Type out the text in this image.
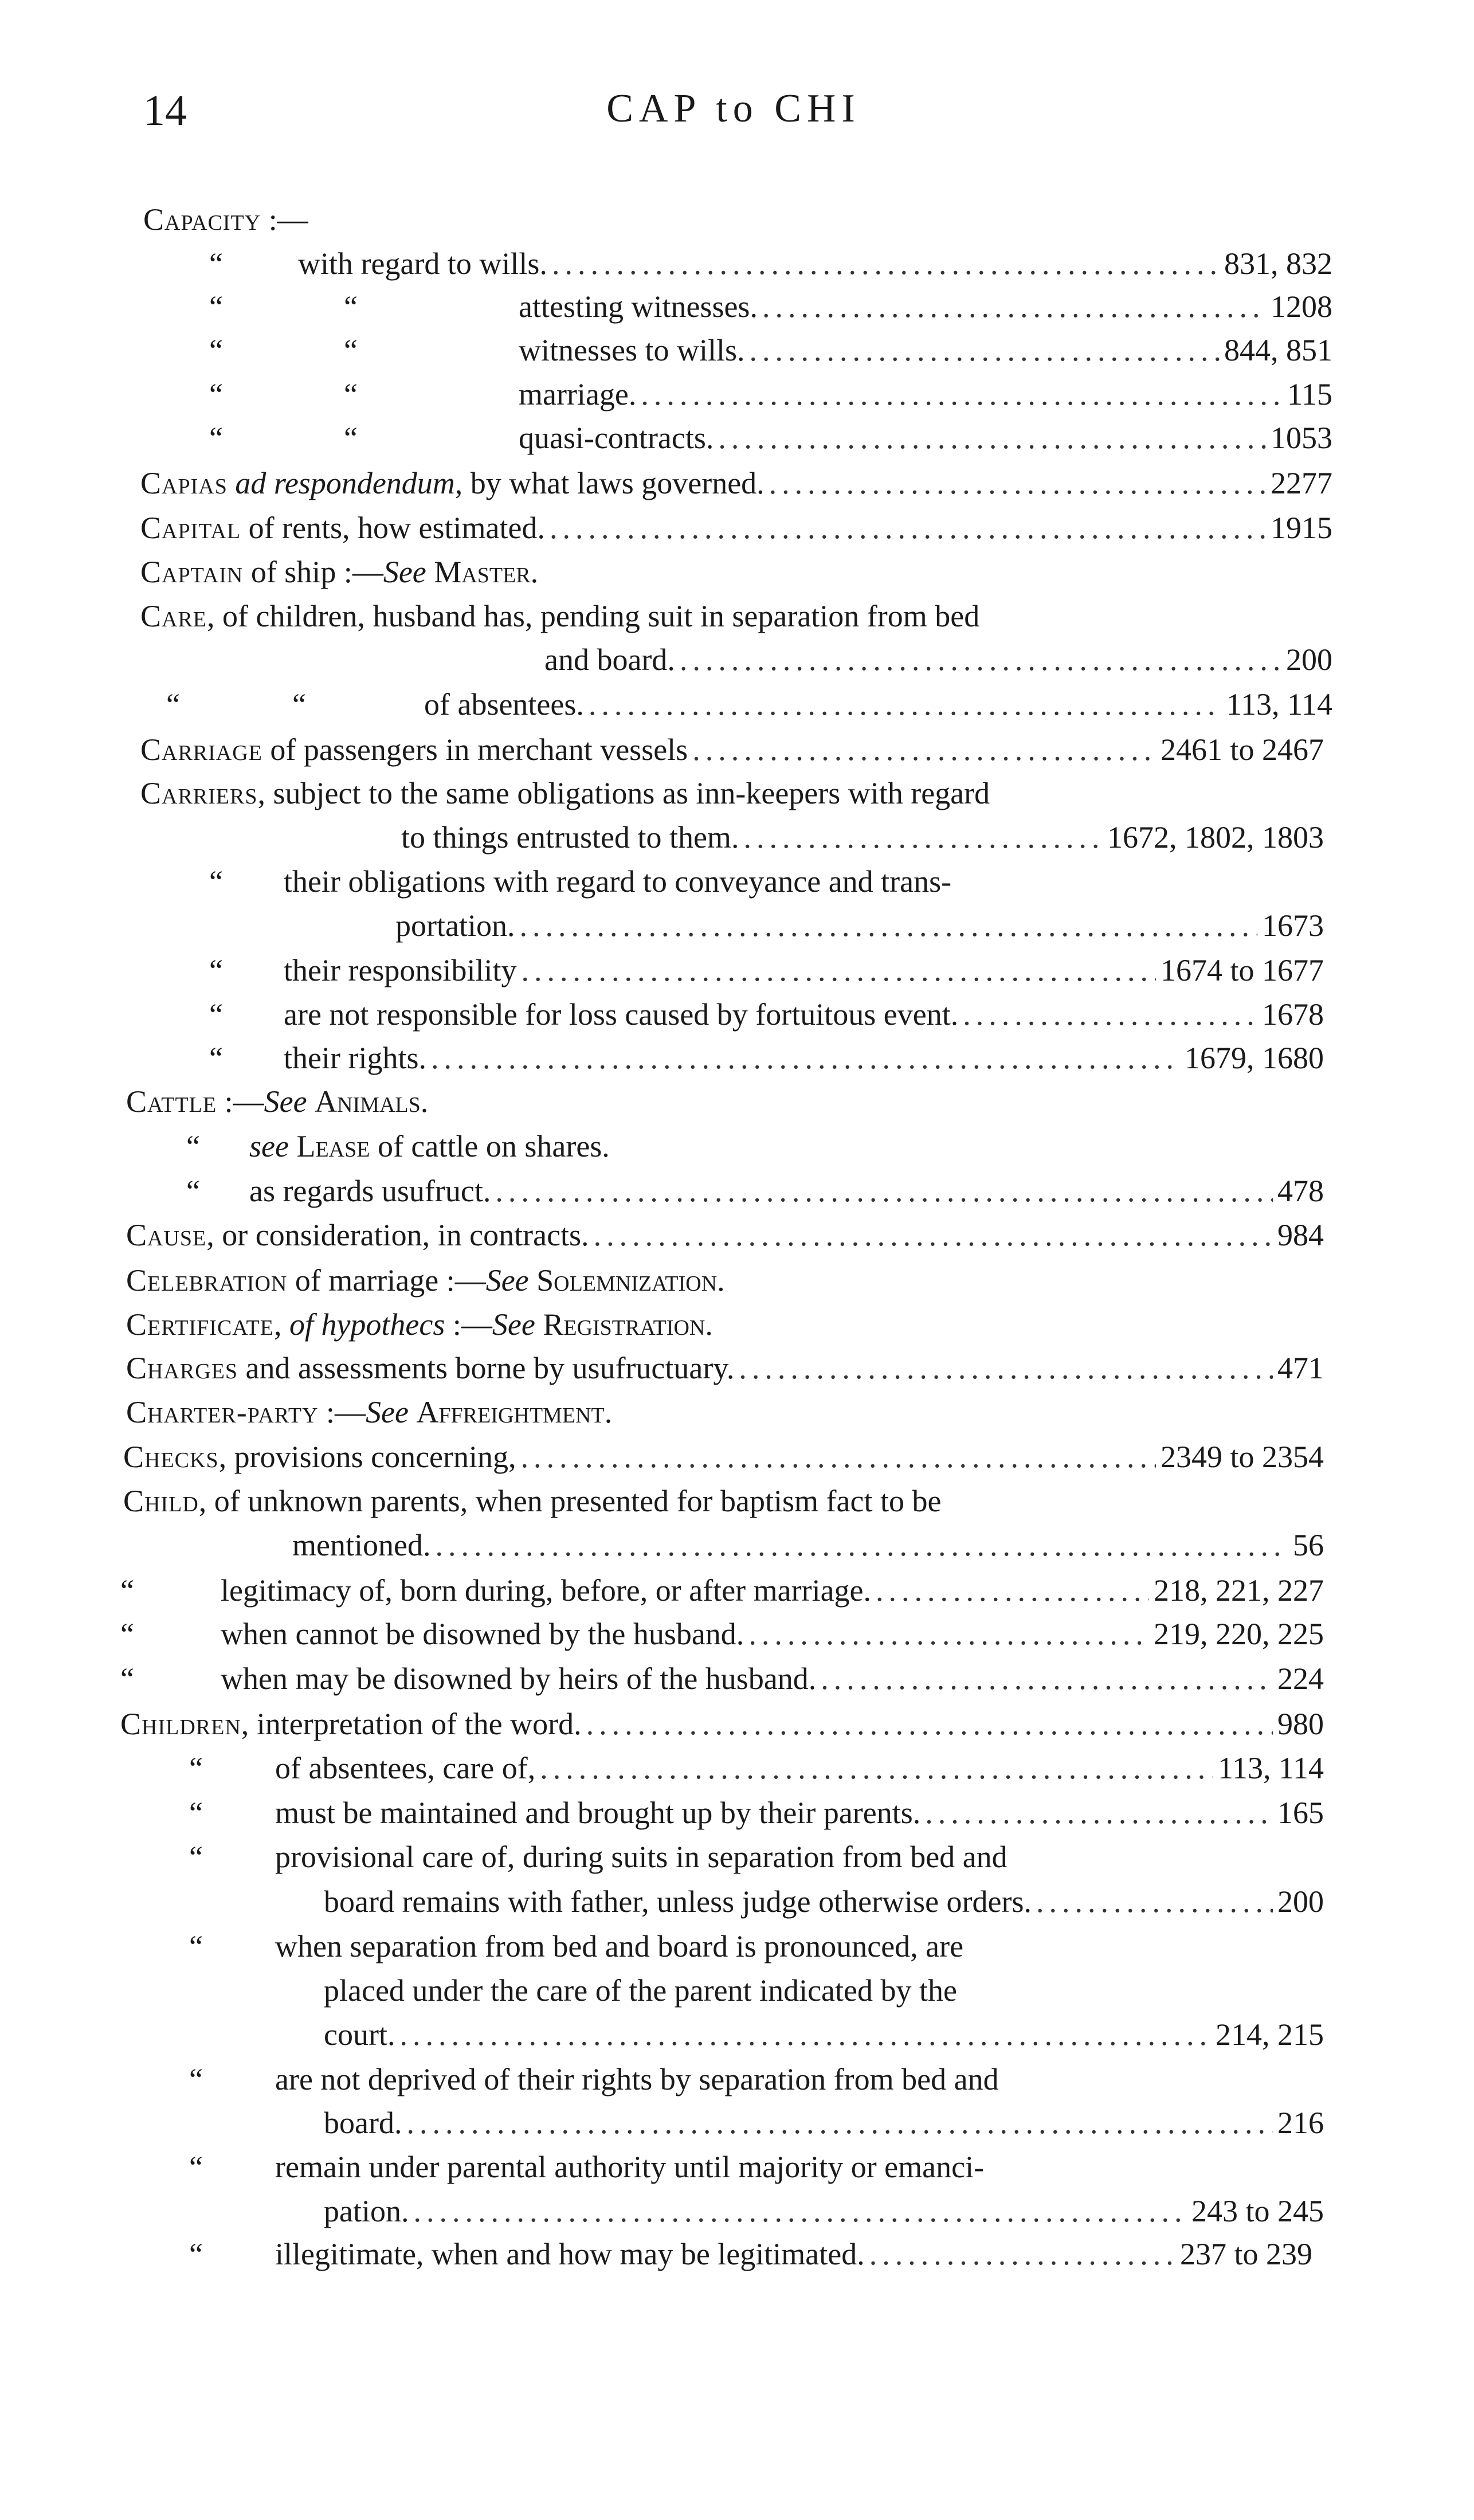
14	CAP to CHI
Capacity :—
“	with regard to wills. .....	831, 832
“	“	attesting witnesses. .....	1208
“	“	witnesses to wills. .....	844, 851
“	“	marriage. .....	115
“	“	quasi-contracts. .....	1053
Capias ad respondendum, by what laws governed. .....	2277
Capital of rents, how estimated. .....	1915
Captain of ship :—See Master.
Care , of children, husband has, pending suit in separation from bed
and board. .....	200
“	“	of absentees. .....	113, 114
Carriage of passengers in merchant vessels .....	2461 to 2467
Carriers , subject to the same obligations as inn-keepers with regard
to things entrusted to them. .....	1672, 1802, 1803
“	their obligations with regard to conveyance and trans-
portation. .....	1673
“	their responsibility .....	1674 to 1677
“	are not responsible for loss caused by fortuitous event. .....	1678
“	their rights. .....	1679, 1680
Cattle :—See Animals.
“	see Lease of cattle on shares.
“	as regards usufruct. .....	478
Cause , or consideration, in contracts. .....	984
Celebration of marriage :—See Solemnization.
Certificate , of hypothecs :—See Registration.
Charges and assessments borne by usufructuary. .....	471
Charter-party :—See Affreightment.
Checks , provisions concerning, .....	2349 to 2354
Child , of unknown parents, when presented for baptism fact to be
mentioned. .....	56
“	legitimacy of, born during, before, or after marriage. .....	218, 221, 227
“	when cannot be disowned by the husband. .....	219, 220, 225
“	when may be disowned by heirs of the husband. .....	224
Children , interpretation of the word. .....	980
“	of absentees, care of, .....	113, 114
“	must be maintained and brought up by their parents. .....	165
“	provisional care of, during suits in separation from bed and
board remains with father, unless judge otherwise orders. .....	200
“	when separation from bed and board is pronounced, are
placed under the care of the parent indicated by the
court. .....	214, 215
“	are not deprived of their rights by separation from bed and
board. .....	216
“	remain under parental authority until majority or emanci-
pation. .....	243 to 245
“	illegitimate, when and how may be legitimated. .....	237 to 239
